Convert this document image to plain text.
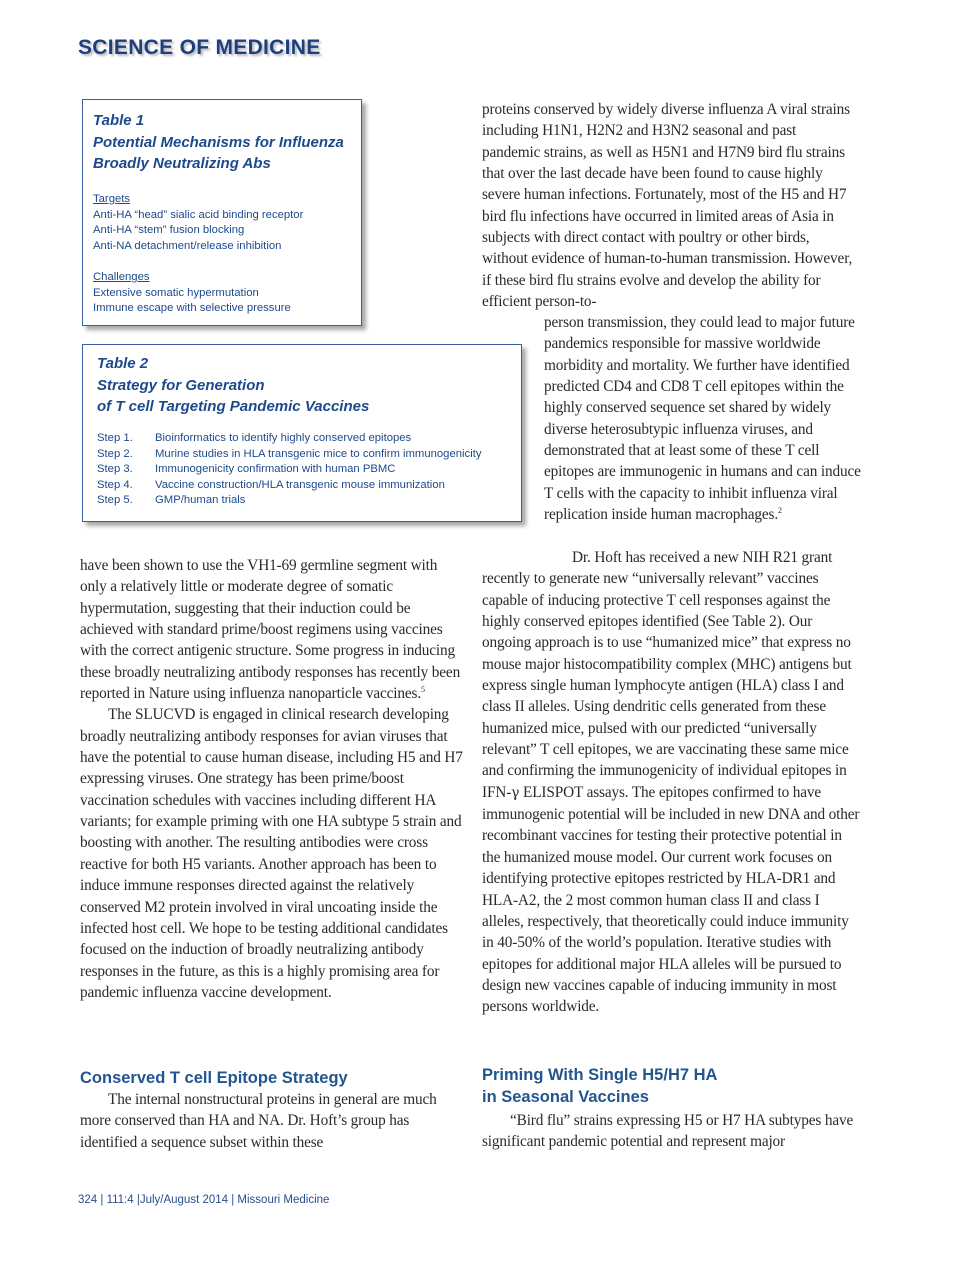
SCIENCE OF MEDICINE
Table 1
Potential Mechanisms for Influenza
Broadly Neutralizing Abs
Targets
Anti-HA “head” sialic acid binding receptor
Anti-HA “stem” fusion blocking
Anti-NA detachment/release inhibition
Challenges
Extensive somatic hypermutation
Immune escape with selective pressure
Table 2
Strategy for Generation
of T cell Targeting Pandemic Vaccines
Step 1.	Bioinformatics to identify highly conserved epitopes
Step 2.	Murine studies in HLA transgenic mice to confirm immunogenicity
Step 3.	Immunogenicity confirmation with human PBMC
Step 4.	Vaccine construction/HLA transgenic mouse immunization
Step 5.	GMP/human trials

have been shown to use the VH1-69 germline segment with only a relatively little or moderate degree of somatic hypermutation, suggesting that their induction could be achieved with standard prime/boost regimens using vaccines with the correct antigenic structure. Some progress in inducing these broadly neutralizing antibody responses has recently been reported in Nature using influenza nanoparticle vaccines.$^5$

The SLUCVD is engaged in clinical research developing broadly neutralizing antibody responses for avian viruses that have the potential to cause human disease, including H5 and H7 expressing viruses. One strategy has been prime/boost vaccination schedules with vaccines including different HA variants; for example priming with one HA subtype 5 strain and boosting with another. The resulting antibodies were cross reactive for both H5 variants. Another approach has been to induce immune responses directed against the relatively conserved M2 protein involved in viral uncoating inside the infected host cell. We hope to be testing additional candidates focused on the induction of broadly neutralizing antibody responses in the future, as this is a highly promising area for pandemic influenza vaccine development.

Conserved T cell Epitope Strategy

The internal nonstructural proteins in general are much more conserved than HA and NA. Dr. Hoft’s group has identified a sequence subset within these

proteins conserved by widely diverse influenza A viral strains including H1N1, H2N2 and H3N2 seasonal and past pandemic strains, as well as H5N1 and H7N9 bird flu strains that over the last decade have been found to cause highly severe human infections. Fortunately, most of the H5 and H7 bird flu infections have occurred in limited areas of Asia in subjects with direct contact with poultry or other birds, without evidence of human-to-human transmission. However, if these bird flu strains evolve and develop the ability for efficient person-to-

person transmission, they could lead to major future pandemics responsible for massive worldwide morbidity and mortality. We further have identified predicted CD4 and CD8 T cell epitopes within the highly conserved sequence set shared by widely diverse heterosubtypic influenza viruses, and demonstrated that at least some of these T cell epitopes are immunogenic in humans and can induce T cells with the capacity to inhibit influenza viral replication inside human macrophages.$^2$

Dr. Hoft has received a new NIH R21 grant recently to generate new “universally relevant” vaccines capable of inducing protective T cell responses against the highly conserved epitopes identified (See Table 2). Our ongoing approach is to use “humanized mice” that express no mouse major histocompatibility complex (MHC) antigens but express single human lymphocyte antigen (HLA) class I and class II alleles. Using dendritic cells generated from these humanized mice, pulsed with our predicted “universally relevant” T cell epitopes, we are vaccinating these same mice and confirming the immunogenicity of individual epitopes in IFN-γ ELISPOT assays. The epitopes confirmed to have immunogenic potential will be included in new DNA and other recombinant vaccines for testing their protective potential in the humanized mouse model. Our current work focuses on identifying protective epitopes restricted by HLA-DR1 and HLA-A2, the 2 most common human class II and class I alleles, respectively, that theoretically could induce immunity in 40-50% of the world’s population. Iterative studies with epitopes for additional major HLA alleles will be pursued to design new vaccines capable of inducing immunity in most persons worldwide.

Priming With Single H5/H7 HA
in Seasonal Vaccines

“Bird flu” strains expressing H5 or H7 HA subtypes have significant pandemic potential and represent major

324 | 111:4 |July/August 2014 | Missouri Medicine
